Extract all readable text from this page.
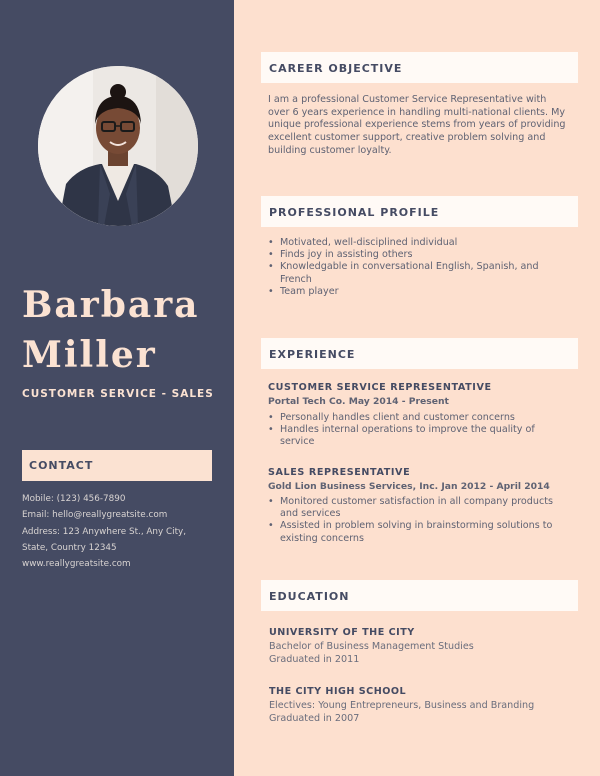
Barbara
Miller
CUSTOMER SERVICE - SALES
CONTACT
Mobile: (123) 456-7890
Email: hello@reallygreatsite.com
Address: 123 Anywhere St., Any City,
State, Country 12345
www.reallygreatsite.com
CAREER OBJECTIVE
I am a professional Customer Service Representative with over 6 years experience in handling multi-national clients. My unique professional experience stems from years of providing excellent customer support, creative problem solving and building customer loyalty.
PROFESSIONAL PROFILE
• Motivated, well-disciplined individual
• Finds joy in assisting others
• Knowledgable in conversational English, Spanish, and French
• Team player
EXPERIENCE
CUSTOMER SERVICE REPRESENTATIVE
Portal Tech Co. May 2014 - Present
• Personally handles client and customer concerns
• Handles internal operations to improve the quality of service
SALES REPRESENTATIVE
Gold Lion Business Services, Inc. Jan 2012 - April 2014
• Monitored customer satisfaction in all company products and services
• Assisted in problem solving in brainstorming solutions to existing concerns
EDUCATION
UNIVERSITY OF THE CITY
Bachelor of Business Management Studies
Graduated in 2011
THE CITY HIGH SCHOOL
Electives: Young Entrepreneurs, Business and Branding
Graduated in 2007
